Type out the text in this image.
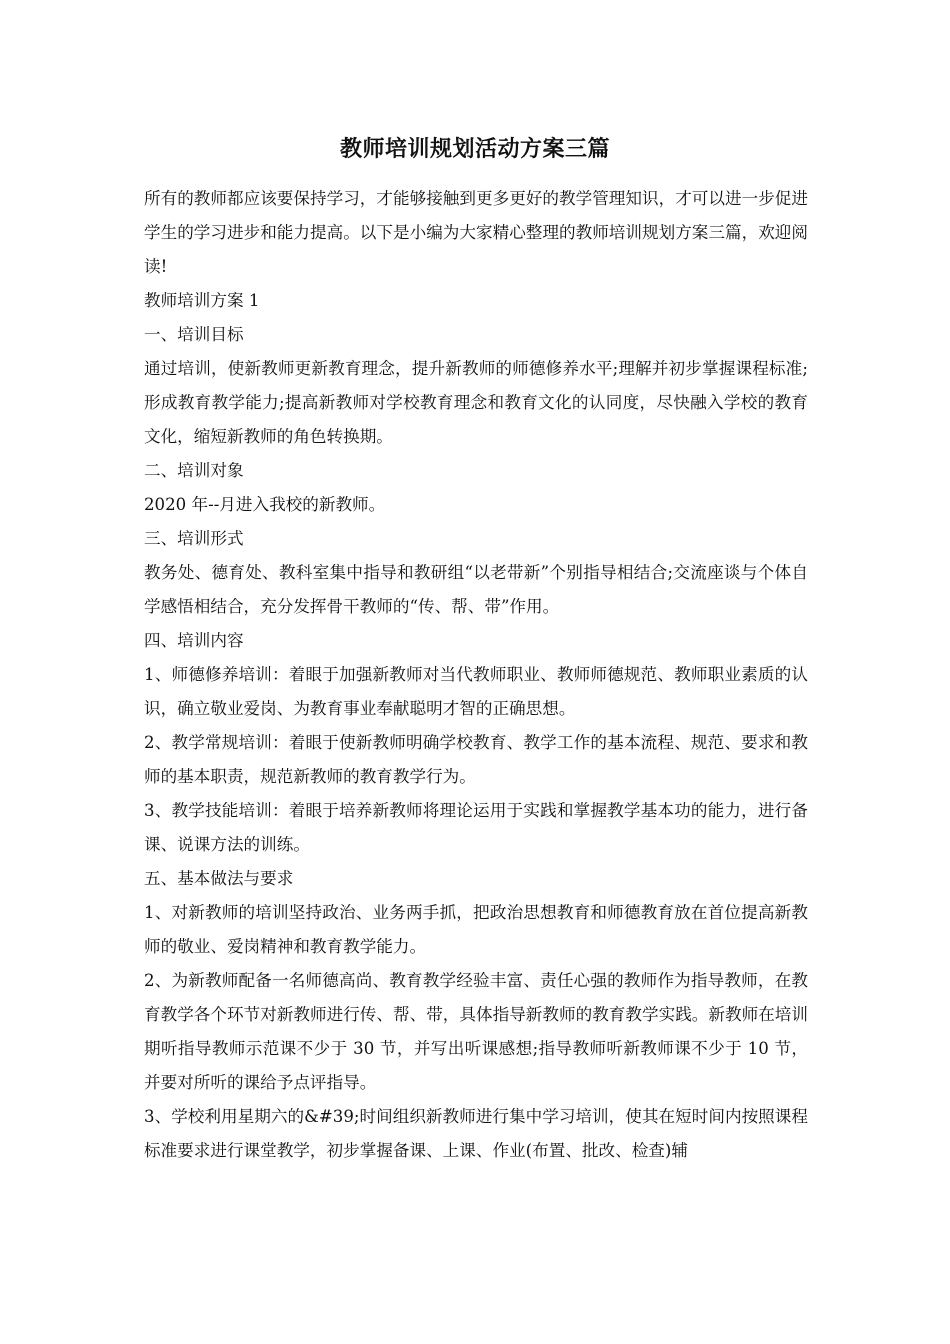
教师培训规划活动方案三篇

所有的教师都应该要保持学习，才能够接触到更多更好的教学管理知识，才可以进一步促进学生的学习进步和能力提高。以下是小编为大家精心整理的教师培训规划方案三篇，欢迎阅读!

教师培训方案 1

一、培训目标

通过培训，使新教师更新教育理念，提升新教师的师德修养水平;理解并初步掌握课程标准;形成教育教学能力;提高新教师对学校教育理念和教育文化的认同度，尽快融入学校的教育文化，缩短新教师的角色转换期。

二、培训对象

2020 年--月进入我校的新教师。

三、培训形式

教务处、德育处、教科室集中指导和教研组“以老带新”个别指导相结合;交流座谈与个体自学感悟相结合，充分发挥骨干教师的“传、帮、带”作用。

四、培训内容

1、师德修养培训：着眼于加强新教师对当代教师职业、教师师德规范、教师职业素质的认识，确立敬业爱岗、为教育事业奉献聪明才智的正确思想。

2、教学常规培训：着眼于使新教师明确学校教育、教学工作的基本流程、规范、要求和教师的基本职责，规范新教师的教育教学行为。

3、教学技能培训：着眼于培养新教师将理论运用于实践和掌握教学基本功的能力，进行备课、说课方法的训练。

五、基本做法与要求

1、对新教师的培训坚持政治、业务两手抓，把政治思想教育和师德教育放在首位提高新教师的敬业、爱岗精神和教育教学能力。

2、为新教师配备一名师德高尚、教育教学经验丰富、责任心强的教师作为指导教师，在教育教学各个环节对新教师进行传、帮、带，具体指导新教师的教育教学实践。新教师在培训期听指导教师示范课不少于 30 节，并写出听课感想;指导教师听新教师课不少于 10 节，并要对所听的课给予点评指导。

3、学校利用星期六的&#39;时间组织新教师进行集中学习培训，使其在短时间内按照课程标准要求进行课堂教学，初步掌握备课、上课、作业(布置、批改、检查)辅
